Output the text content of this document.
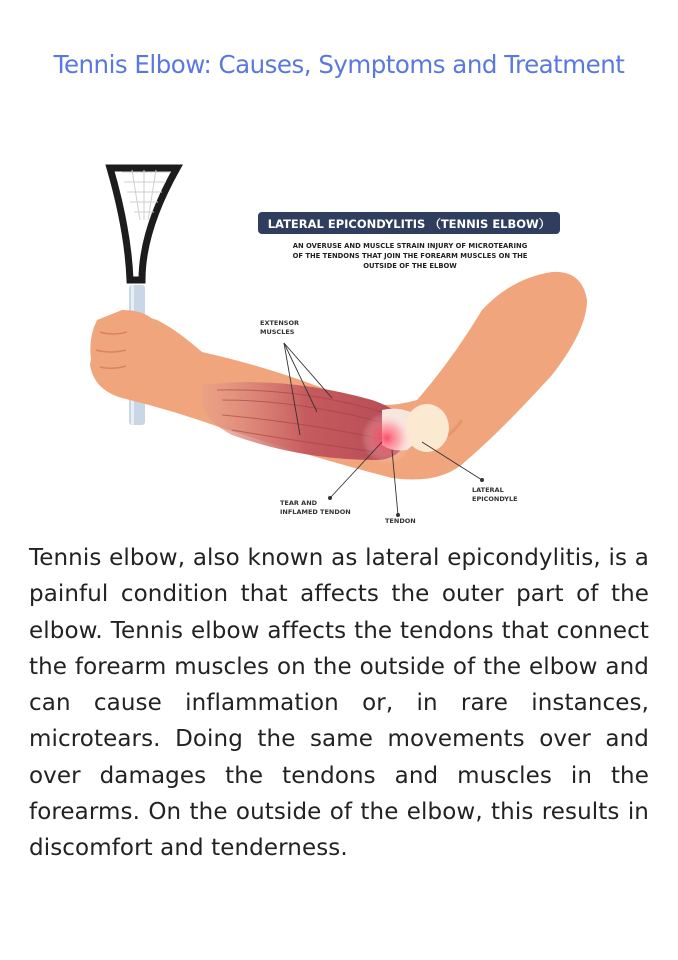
Tennis Elbow: Causes, Symptoms and Treatment
LATERAL EPICONDYLITIS （TENNIS ELBOW）
AN OVERUSE AND MUSCLE STRAIN INJURY OF MICROTEARING
OF THE TENDONS THAT JOIN THE FOREARM MUSCLES ON THE
OUTSIDE OF THE ELBOW
EXTENSOR
MUSCLES
TEAR AND
INFLAMED TENDON
TENDON
LATERAL
EPICONDYLE
Tennis elbow, also known as lateral epicondylitis, is a painful condition that affects the outer part of the elbow. Tennis elbow affects the tendons that connect the forearm muscles on the outside of the elbow and can cause inflammation or, in rare instances, microtears. Doing the same movements over and over damages the tendons and muscles in the forearms. On the outside of the elbow, this results in discomfort and tenderness.
